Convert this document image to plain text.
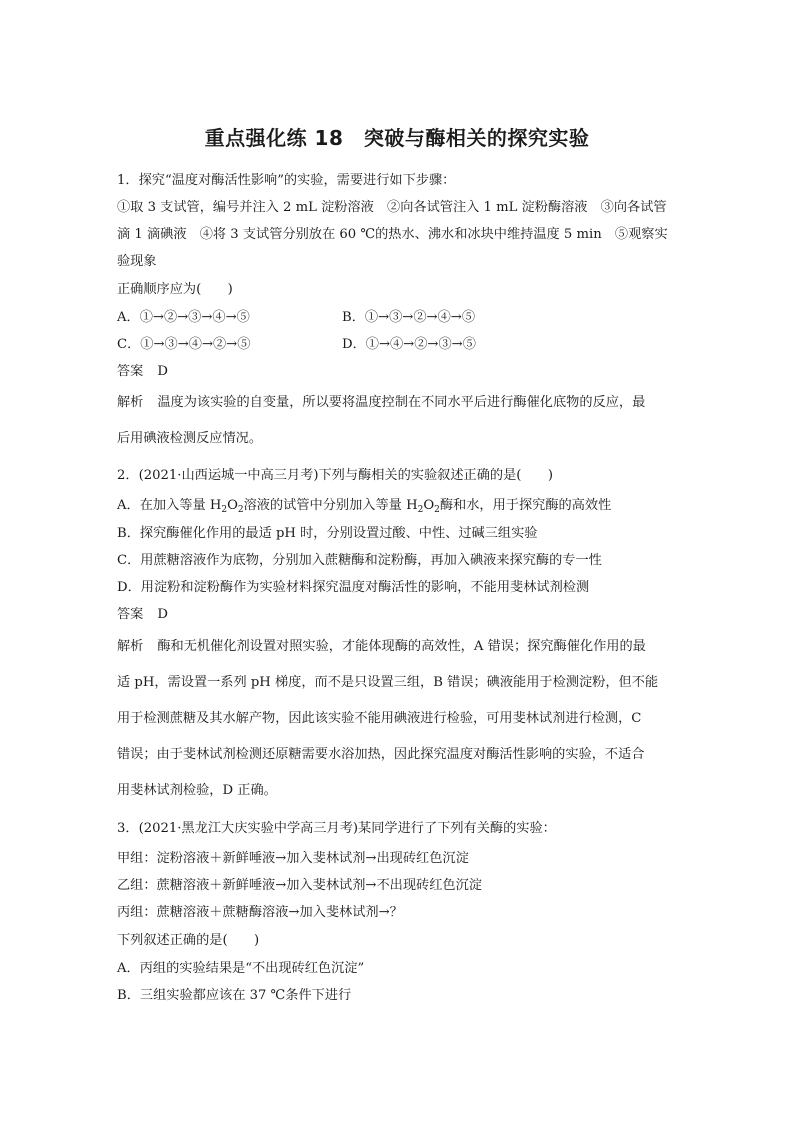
重点强化练 18　突破与酶相关的探究实验
1．探究“温度对酶活性影响”的实验，需要进行如下步骤：
①取 3 支试管，编号并注入 2 mL 淀粉溶液　②向各试管注入 1 mL 淀粉酶溶液　③向各试管
滴 1 滴碘液　④将 3 支试管分别放在 60 ℃的热水、沸水和冰块中维持温度 5 min　⑤观察实
验现象
正确顺序应为(　　)
A．①→②→③→④→⑤	B．①→③→②→④→⑤
C．①→③→④→②→⑤	D．①→④→②→③→⑤
答案 D
解析 温度为该实验的自变量，所以要将温度控制在不同水平后进行酶催化底物的反应，最
后用碘液检测反应情况。
2．(2021·山西运城一中高三月考)下列与酶相关的实验叙述正确的是(　　)
A．在加入等量 $H_2O_2$溶液的试管中分别加入等量 $H_2O_2$酶和水，用于探究酶的高效性
B．探究酶催化作用的最适 pH 时，分别设置过酸、中性、过碱三组实验
C．用蔗糖溶液作为底物，分别加入蔗糖酶和淀粉酶，再加入碘液来探究酶的专一性
D．用淀粉和淀粉酶作为实验材料探究温度对酶活性的影响，不能用斐林试剂检测
答案 D
解析 酶和无机催化剂设置对照实验，才能体现酶的高效性，A 错误；探究酶催化作用的最
适 pH，需设置一系列 pH 梯度，而不是只设置三组，B 错误；碘液能用于检测淀粉，但不能
用于检测蔗糖及其水解产物，因此该实验不能用碘液进行检验，可用斐林试剂进行检测，C
错误；由于斐林试剂检测还原糖需要水浴加热，因此探究温度对酶活性影响的实验，不适合
用斐林试剂检验，D 正确。
3．(2021·黑龙江大庆实验中学高三月考)某同学进行了下列有关酶的实验：
甲组：淀粉溶液＋新鲜唾液→加入斐林试剂→出现砖红色沉淀
乙组：蔗糖溶液＋新鲜唾液→加入斐林试剂→不出现砖红色沉淀
丙组：蔗糖溶液＋蔗糖酶溶液→加入斐林试剂→？
下列叙述正确的是(　　)
A．丙组的实验结果是“不出现砖红色沉淀”
B．三组实验都应该在 37 ℃条件下进行
